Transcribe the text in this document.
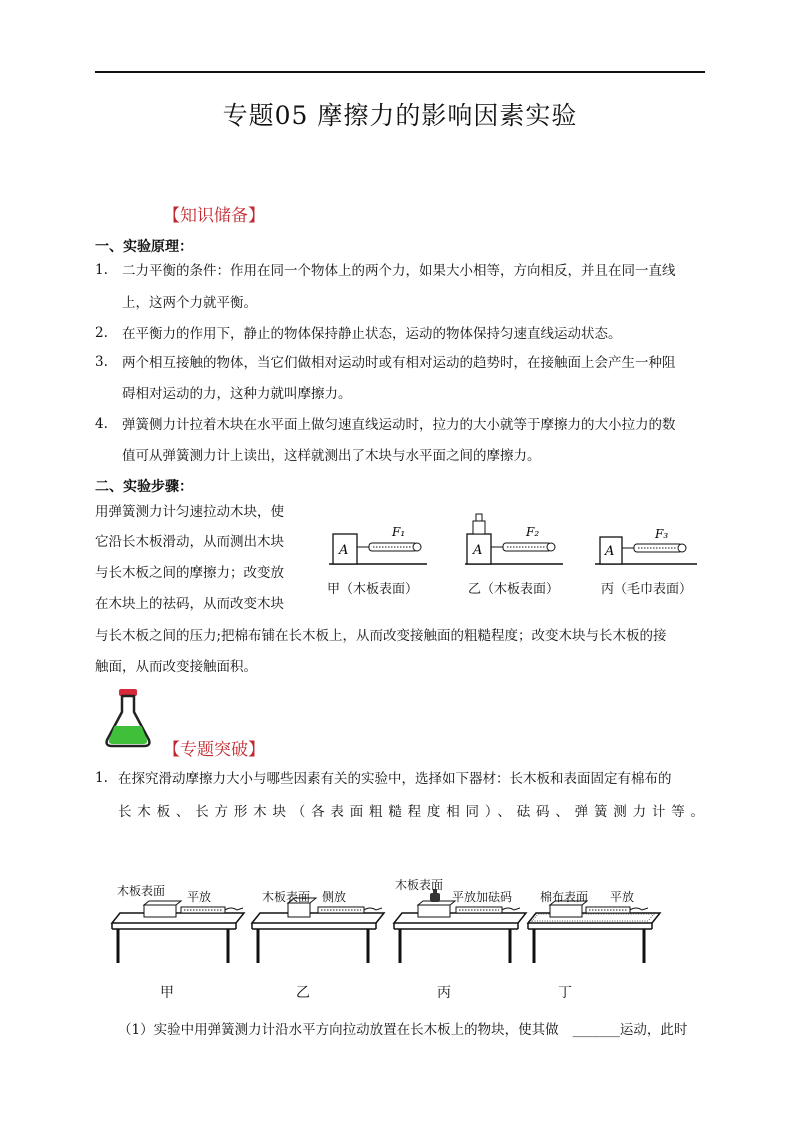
专题05 摩擦力的影响因素实验
【知识储备】
一、实验原理：
1. 二力平衡的条件：作用在同一个物体上的两个力，如果大小相等，方向相反，并且在同一直线
上，这两个力就平衡。
2. 在平衡力的作用下，静止的物体保持静止状态，运动的物体保持匀速直线运动状态。
3. 两个相互接触的物体，当它们做相对运动时或有相对运动的趋势时，在接触面上会产生一种阻
碍相对运动的力，这种力就叫摩擦力。
4. 弹簧侧力计拉着木块在水平面上做匀速直线运动时，拉力的大小就等于摩擦力的大小拉力的数
值可从弹簧测力计上读出，这样就测出了木块与水平面之间的摩擦力。
二、实验步骤：
用弹簧测力计匀速拉动木块，使
它沿长木板滑动，从而测出木块
与长木板之间的摩擦力；改变放
在木块上的祛码，从而改变木块
与长木板之间的压力;把棉布铺在长木板上，从而改变接触面的粗糙程度；改变木块与长木板的接
触面，从而改变接触面积。
A
F₁
A
F₂
A
F₃
甲（木板表面）	乙（木板表面）	丙（毛巾表面）
【专题突破】
1. 在探究滑动摩擦力大小与哪些因素有关的实验中，选择如下器材：长木板和表面固定有棉布的
长木板、长方形木块（各表面粗糙程度相同）、砝码、弹簧测力计等。
木板表面 平放	木板表面 侧放
木板表面
平放加砝码 棉布表面 平放
甲	乙	丙	丁
（1）实验中用弹簧测力计沿水平方向拉动放置在长木板上的物块，使其做 _______运动，此时
